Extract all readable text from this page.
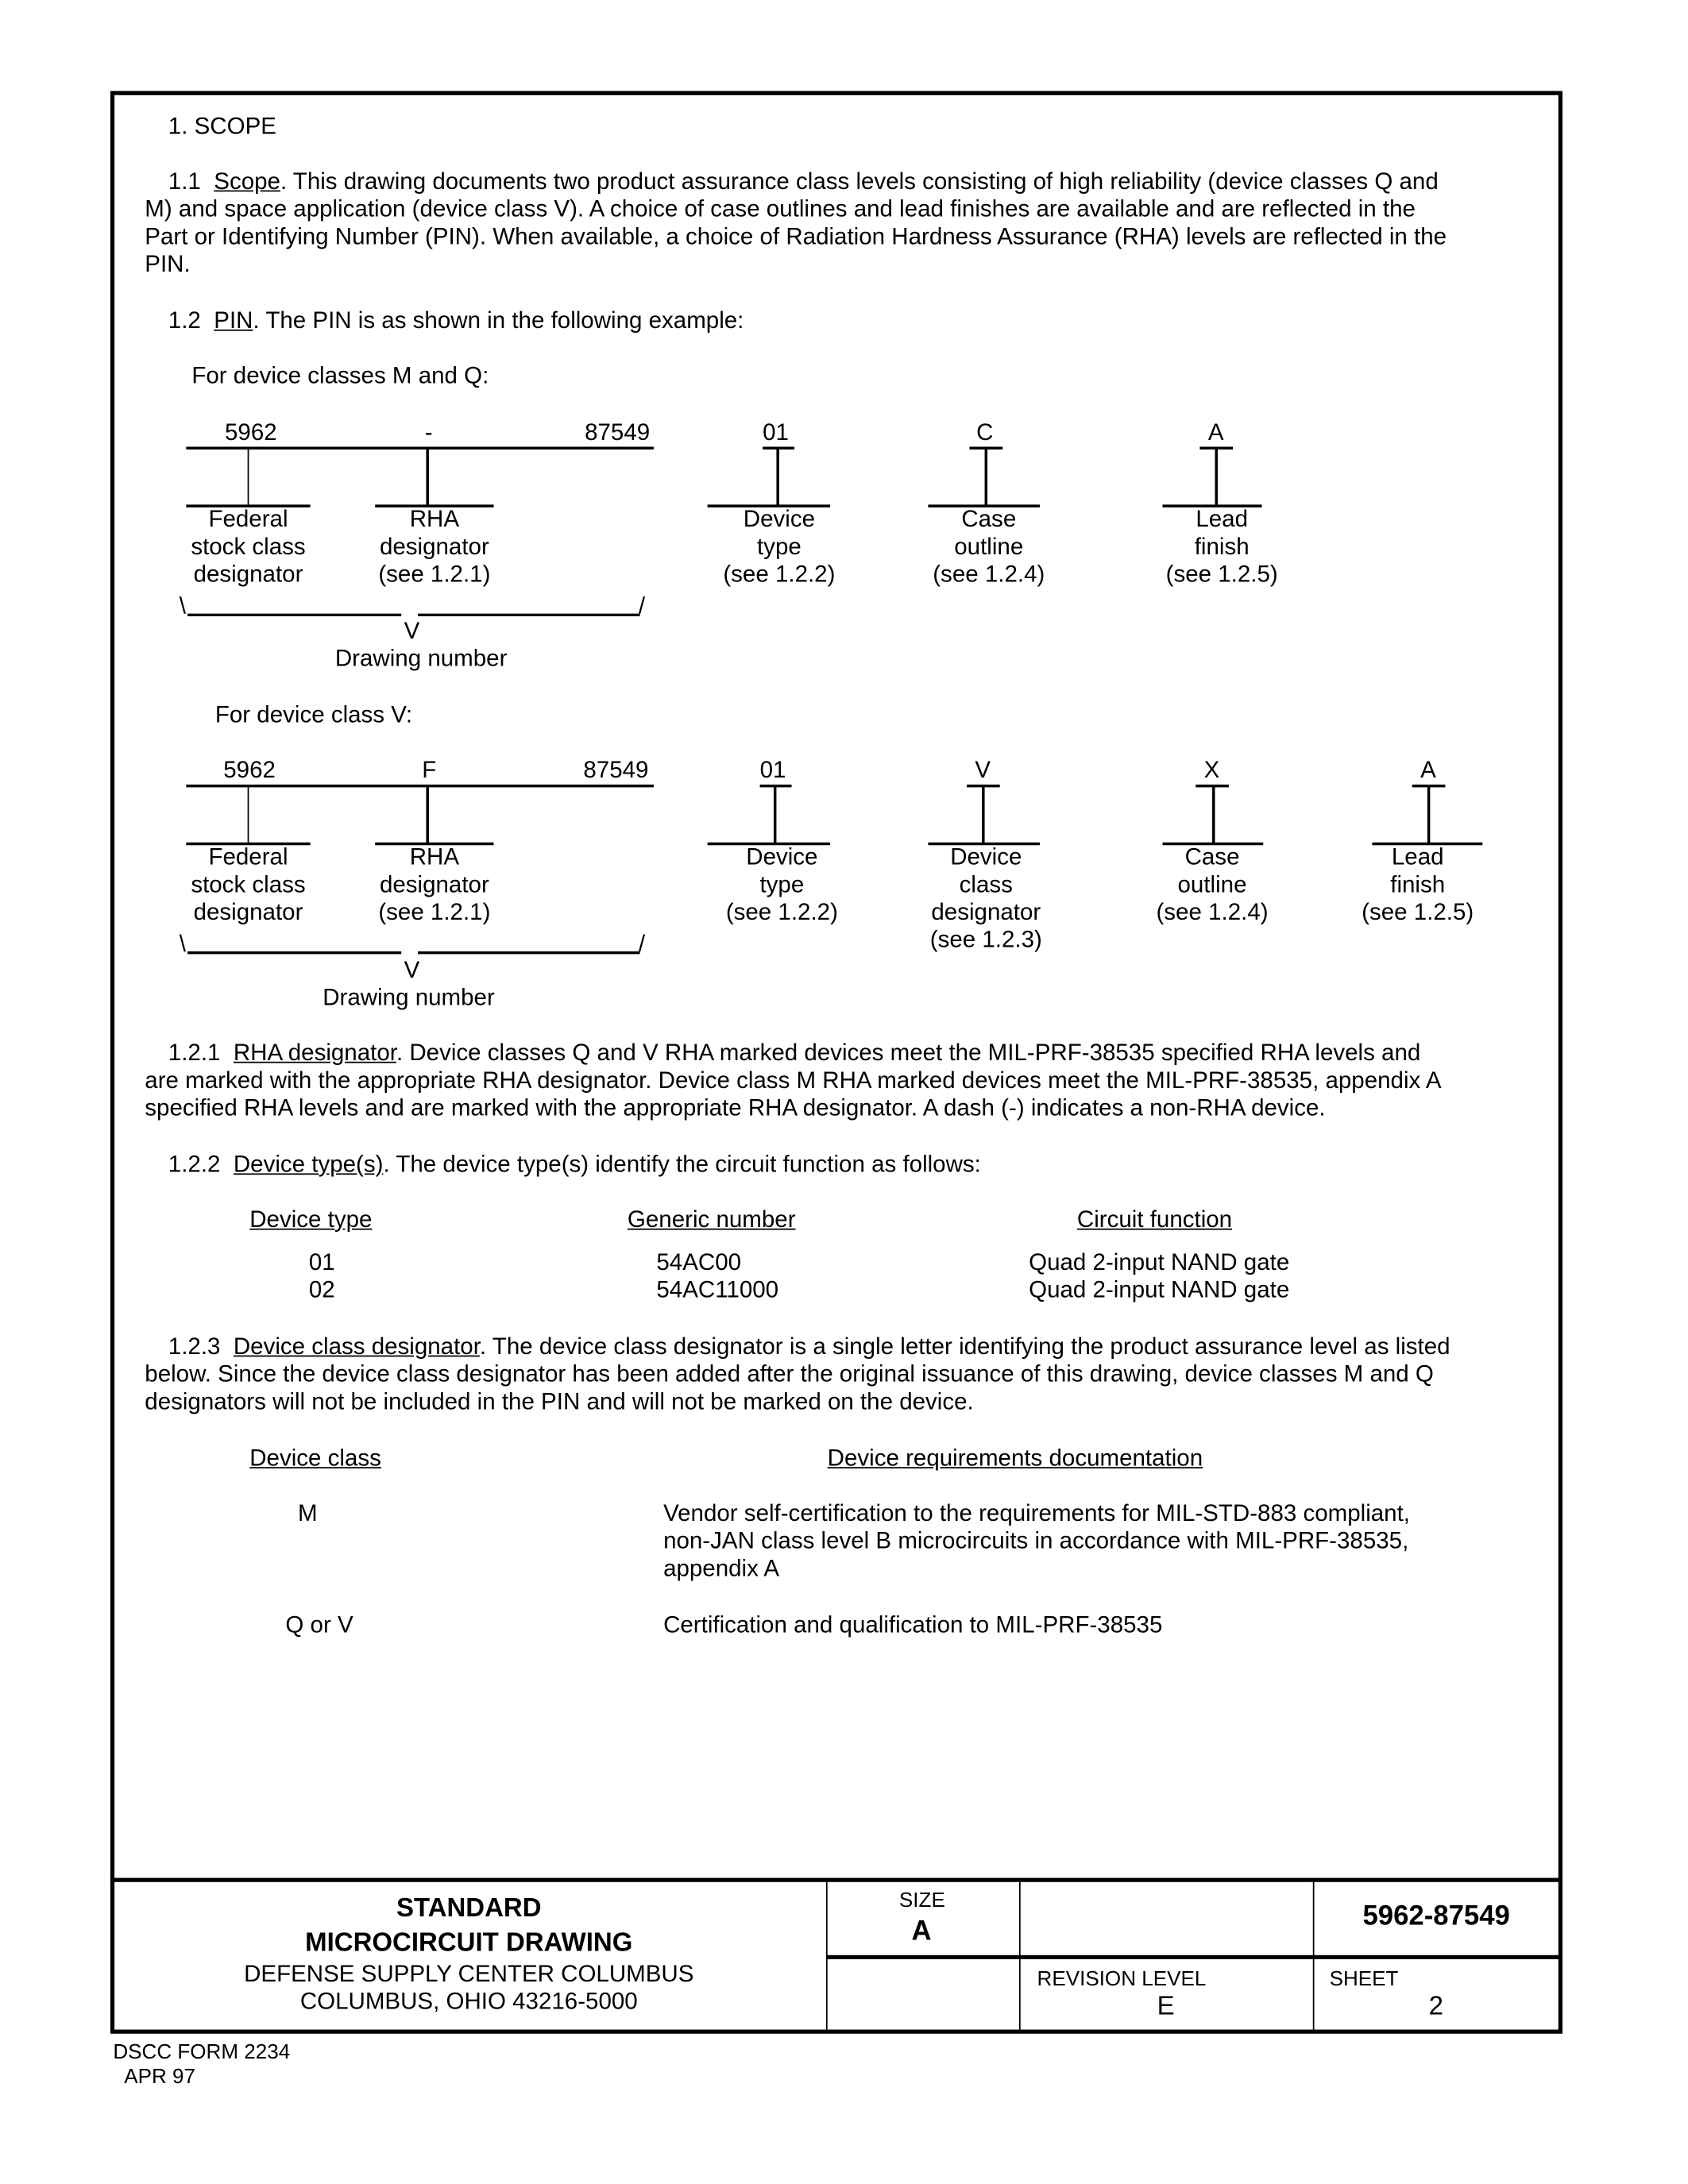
1. SCOPE
1.1 Scope. This drawing documents two product assurance class levels consisting of high reliability (device classes Q and
M) and space application (device class V). A choice of case outlines and lead finishes are available and are reflected in the
Part or Identifying Number (PIN). When available, a choice of Radiation Hardness Assurance (RHA) levels are reflected in the
PIN.
1.2 PIN. The PIN is as shown in the following example:
For device classes M and Q:
5962	-	87549	01	C	A
Federal
stock class
designator
RHA
designator
(see 1.2.1)
Device
type
(see 1.2.2)
Case
outline
(see 1.2.4)
Lead
finish
(see 1.2.5)
\	/
V
Drawing number
For device class V:
5962	F	87549	01	V	X	A
Federal
stock class
designator
RHA
designator
(see 1.2.1)
Device
type
(see 1.2.2)
Device
class
designator
(see 1.2.3)
Case
outline
(see 1.2.4)
Lead
finish
(see 1.2.5)
\	/
V
Drawing number
1.2.1 RHA designator. Device classes Q and V RHA marked devices meet the MIL-PRF-38535 specified RHA levels and
are marked with the appropriate RHA designator. Device class M RHA marked devices meet the MIL-PRF-38535, appendix A
specified RHA levels and are marked with the appropriate RHA designator. A dash (-) indicates a non-RHA device.
1.2.2 Device type(s). The device type(s) identify the circuit function as follows:
Device type	Generic number	Circuit function
01	54AC00	Quad 2-input NAND gate
02	54AC11000	Quad 2-input NAND gate
1.2.3 Device class designator. The device class designator is a single letter identifying the product assurance level as listed
below. Since the device class designator has been added after the original issuance of this drawing, device classes M and Q
designators will not be included in the PIN and will not be marked on the device.
Device class	Device requirements documentation
M	Vendor self-certification to the requirements for MIL-STD-883 compliant,
non-JAN class level B microcircuits in accordance with MIL-PRF-38535,
appendix A
Q or V	Certification and qualification to MIL-PRF-38535
STANDARD
MICROCIRCUIT DRAWING
DEFENSE SUPPLY CENTER COLUMBUS
COLUMBUS, OHIO 43216-5000
SIZE
A	5962-87549
REVISION LEVEL
E
SHEET
2
DSCC FORM 2234
APR 97
